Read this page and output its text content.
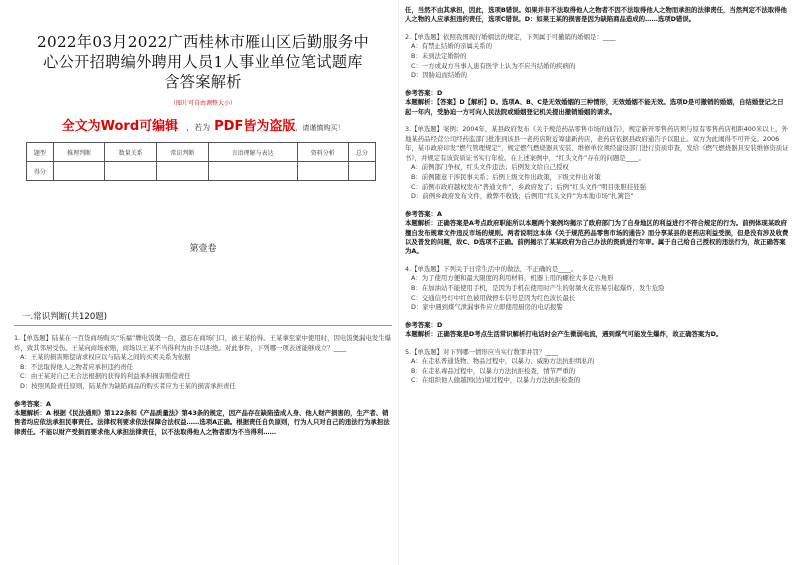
2022年03月2022广西桂林市雁山区后勤服务中
心公开招聘编外聘用人员1人事业单位笔试题库
含答案解析
（图片可自由调整大小）
全文为Word可编辑 ，若为 PDF皆为盗版，请谨慎购买！
题型	推理判断	数量关系	常识判断	言语理解与表达	资料分析	总分
得分						
第壹卷
一.常识判断(共120题)
1.【单选题】陆某在一百货商场购买“乐福”牌电饭煲一台，遗忘在商场门口，被王某拾得。王某拿至家中使用时，因电饭煲漏电发生爆炸，致其邻居受伤。王某向商场索赔，商场以王某不当得利为由予以拒绝。对此事件，下列哪一项表述能够成立？____
A：王某的损害赔偿请求权应以与陆某之间的买卖关系为依据
B：不法取得他人之物者应承担违约责任
C：由王某对自己无合法根据的获得的利益承担损害赔偿责任
D：按照风险责任原则，陆某作为缺陷商品的购买者应为王某的损害承担责任
参考答案：A
本题解析：A 根据《民法通则》第122条和《产品质量法》第43条的规定，因产品存在缺陷造成人身、他人财产损害的，生产者、销售者均应依法承担民事责任。法律权利要求依法保障合法权益……选项A正确。根据责任自负原则，行为人只对自己的违法行为承担法律责任。不能以财产受损而要求他人承担法律责任，以不法取得他人之物者即为不当得利……
任，当然不由其承担，因此，选项B错误。如果并非不法取得他人之物者不因不法取得他人之物而承担的法律责任，当然判定不法取得他人之物的人应承担违约责任，选项C错误。D：如果王某的损害是因为缺陷商品造成的……选项D错误。
2.【单选题】依照我国现行婚姻法的规定，下列属于可撤销的婚姻是：____
A：有禁止结婚的亲属关系的
B：未到法定婚龄的
C：一方或双方当事人患有医学上认为不应当结婚的疾病的
D：因胁迫而结婚的
参考答案：D
本题解析：【答案】D【解析】D。选项A、B、C是无效婚姻的三种情形，无效婚姻不能无效。选项D是可撤销的婚姻，自结婚登记之日起一年内，受胁迫一方可向人民法院或婚姻登记机关提出撤销婚姻的请求。
3.【单选题】案例：2004年，某县政府发布《关于规范药品零售市场的通告》，规定新开零售药店须与原有零售药店相距400米以上，外地某药品经营公司经药监部门批准到该县一老药店附近筹建新药店，老药店依据县政府通告予以阻止。双方为此闹得不可开交。2006年，某市政府印发“燃气管理规定”，规定燃气燃烧器具安装、维修单位须经建设部门进行资质审查，发给《燃气燃烧器具安装维修资质证书》，并规定有该资质证书实行年检。在上述案例中，“红头文件”存在的问题是____。
A：前例部门争权，红头文件违法；后例发文给自己授权
B：前例随意干涉民事关系；后例上级文件出政策，下级文件出对策
C：前例市政府越权发布“普通文件”，乡政府发了；后例“红头文件”明目张胆挂狂强
D：前例乡政府发布文件，救弊不收钱；后例用“红头文件”为本地市场“扎篱笆”
参考答案：A
本题解析：正确答案是A考点政府职能所以本题两个案例均揭示了政府部门为了自身地区的利益进行不符合规定的行为。前例体现某政府擅自发布规章文件违反市场的规则。两者说明这本体《关于规范药品零售市场的通告》而分享某县的老药店利益受损，但是没有涉及收费以及普发的问题，故C、D选项不正确。前例揭示了某某政府为自己办法的资质进行年审。属于自己给自己授权的违法行为，故正确答案为A。
4.【单选题】下列关于日常生活中的做法，不正确的是____。
A：为了使用方便和最大限度的利用材料，机器上用的螺栓大多是六角形
B：在加油站不能使用手机，是因为手机在使用时产生的射频火花容易引起爆炸，发生危险
C：交通信号灯中红色被用做停车信号是因为红色波长最长
D：家中遇到煤气泄漏事件应立即使用厨房的电话报警
参考答案：D
本题解析：正确答案是D考点生活常识解析打电话时会产生微弱电流，遇到煤气可能发生爆炸，故正确答案为D。
5.【单选题】对下列哪一情形应当实行数罪并罚？____
A：在走私普通货物、物品过程中，以暴力、威胁方法抗拒缉私的
B：在走私毒品过程中，以暴力方法抗拒检查，情节严重的
C：在组织他人偷越国(边)境过程中，以暴力方法抗拒检查的
